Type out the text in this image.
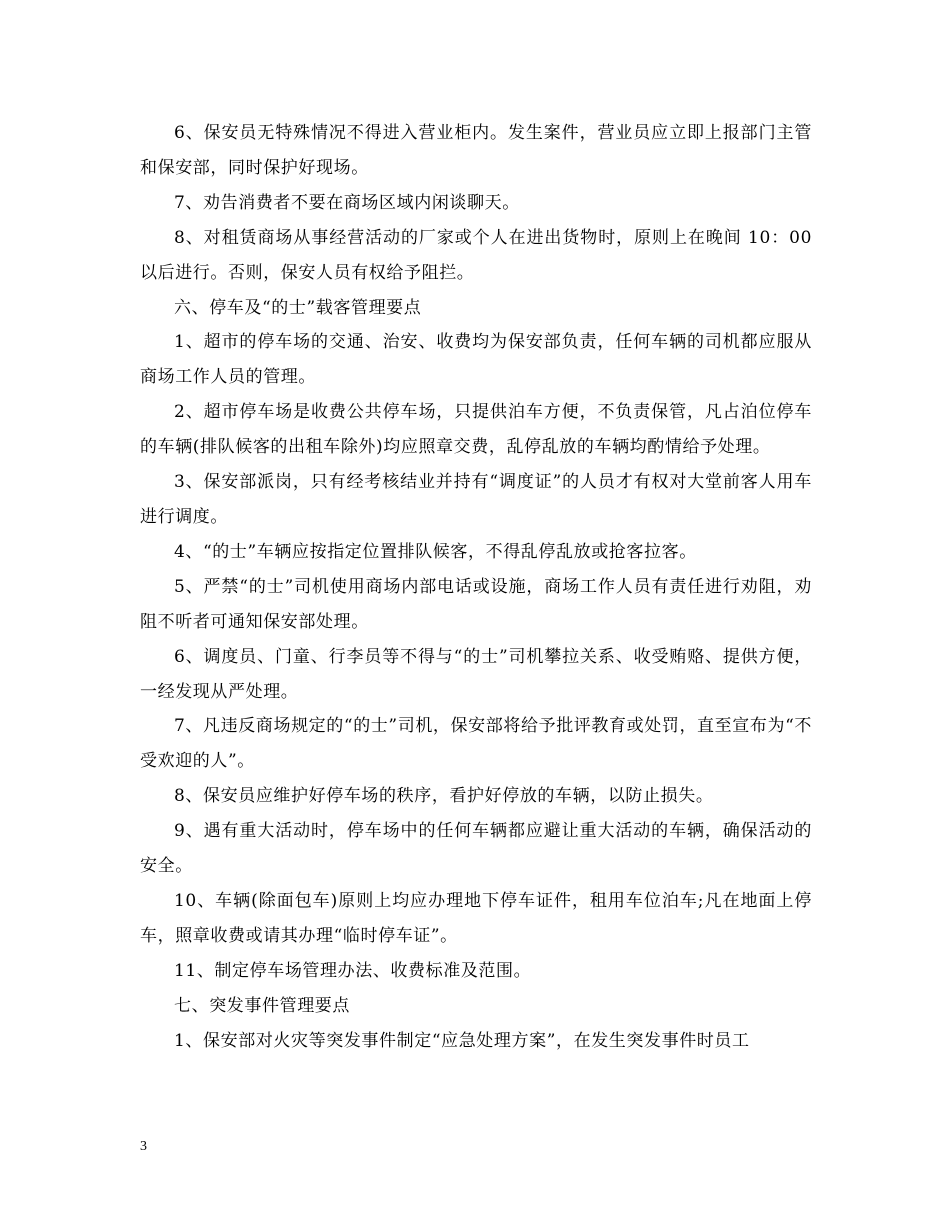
6、保安员无特殊情况不得进入营业柜内。发生案件，营业员应立即上报部门主管和保安部，同时保护好现场。

7、劝告消费者不要在商场区域内闲谈聊天。

8、对租赁商场从事经营活动的厂家或个人在进出货物时，原则上在晚间 10：00 以后进行。否则，保安人员有权给予阻拦。

六、停车及“的士”载客管理要点

1、超市的停车场的交通、治安、收费均为保安部负责，任何车辆的司机都应服从商场工作人员的管理。

2、超市停车场是收费公共停车场，只提供泊车方便，不负责保管，凡占泊位停车的车辆(排队候客的出租车除外)均应照章交费，乱停乱放的车辆均酌情给予处理。

3、保安部派岗，只有经考核结业并持有“调度证”的人员才有权对大堂前客人用车进行调度。

4、“的士”车辆应按指定位置排队候客，不得乱停乱放或抢客拉客。

5、严禁“的士”司机使用商场内部电话或设施，商场工作人员有责任进行劝阻，劝阻不听者可通知保安部处理。

6、调度员、门童、行李员等不得与“的士”司机攀拉关系、收受贿赂、提供方便，一经发现从严处理。

7、凡违反商场规定的“的士”司机，保安部将给予批评教育或处罚，直至宣布为“不受欢迎的人”。

8、保安员应维护好停车场的秩序，看护好停放的车辆，以防止损失。

9、遇有重大活动时，停车场中的任何车辆都应避让重大活动的车辆，确保活动的安全。

10、车辆(除面包车)原则上均应办理地下停车证件，租用车位泊车;凡在地面上停车，照章收费或请其办理“临时停车证”。

11、制定停车场管理办法、收费标准及范围。

七、突发事件管理要点

1、保安部对火灾等突发事件制定“应急处理方案”，在发生突发事件时员工

3
